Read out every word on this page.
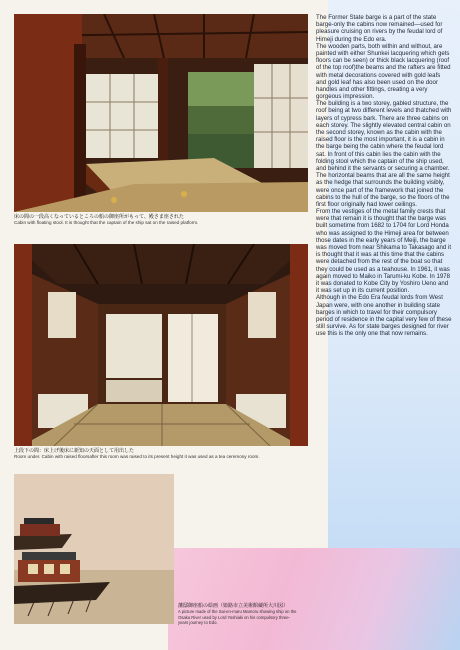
床の間の一段高くなっているところの船の御座所がもって、殿さま座された
Cabin with floating stool. It is thought that the captain of the ship sat on the raised platform.
上段下の間：床上げ後床に新知の天面として用出した
Room under. Cabin with raised floorsafter this room was raised to its present height it was used as a tea ceremony room.
藩邸御座船の絵画（姫路市立美術館蔵所大川図）
A picture made of the Sai-en-maru Mamoru showing ship on the Osaka River used by Lord Yoshiaki on his compulsory three-years journey to Edo.

The Former State barge is a part of the state barge-only the cabins now remained—used for pleasure cruising on rivers by the feudal lord of Himeji during the Edo era.

The wooden parts, both within and without, are painted with either Shunkei lacquering which gets floors can be seen) or thick black lacquering (roof of the top roof)the beams and the rafters are fitted with metal decorations covered with gold leafs and gold leaf has also been used on the door handles and other fittings, creating a very gorgeous impression.

The building is a two storey, gabled structure, the roof being at two different levels and thatched with layers of cypress bark. There are three cabins on each storey. The slightly elevated central cabin on the second storey, known as the cabin with the raised floor is the most important, it is a cabin in the barge being the cabin where the feudal lord sat. In front of this cabin lies the cabin with the folding stool which the captain of the ship used, and behind it the servants or securing a chamber. The horizontal beams that are all the same height as the hedge that surrounds the building visibly, were once part of the framework that joined the cabins to the hull of the barge, so the floors of the first floor originally had lower ceilings.

From the vestiges of the metal family crests that were that remain it is thought that the barge was built sometime from 1682 to 1704 for Lord Honda who was assigned to the Himeji area for between those dates in the early years of Meiji, the barge was moved from near Shikama to Takasago and it is thought that it was at this time that the cabins were detached from the rest of the boat so that they could be used as a teahouse. In 1961, it was again moved to Maiko in Tarumi-ku Kobe. In 1978 it was donated to Kobe City by Yoshiro Ueno and it was set up in its current position.

Although in the Edo Era feudal lords from West Japan were, with one another in building state barges in which to travel for their compulsory period of residence in the capital very few of these still survive. As for state barges designed for river use this is the only one that now remains.
